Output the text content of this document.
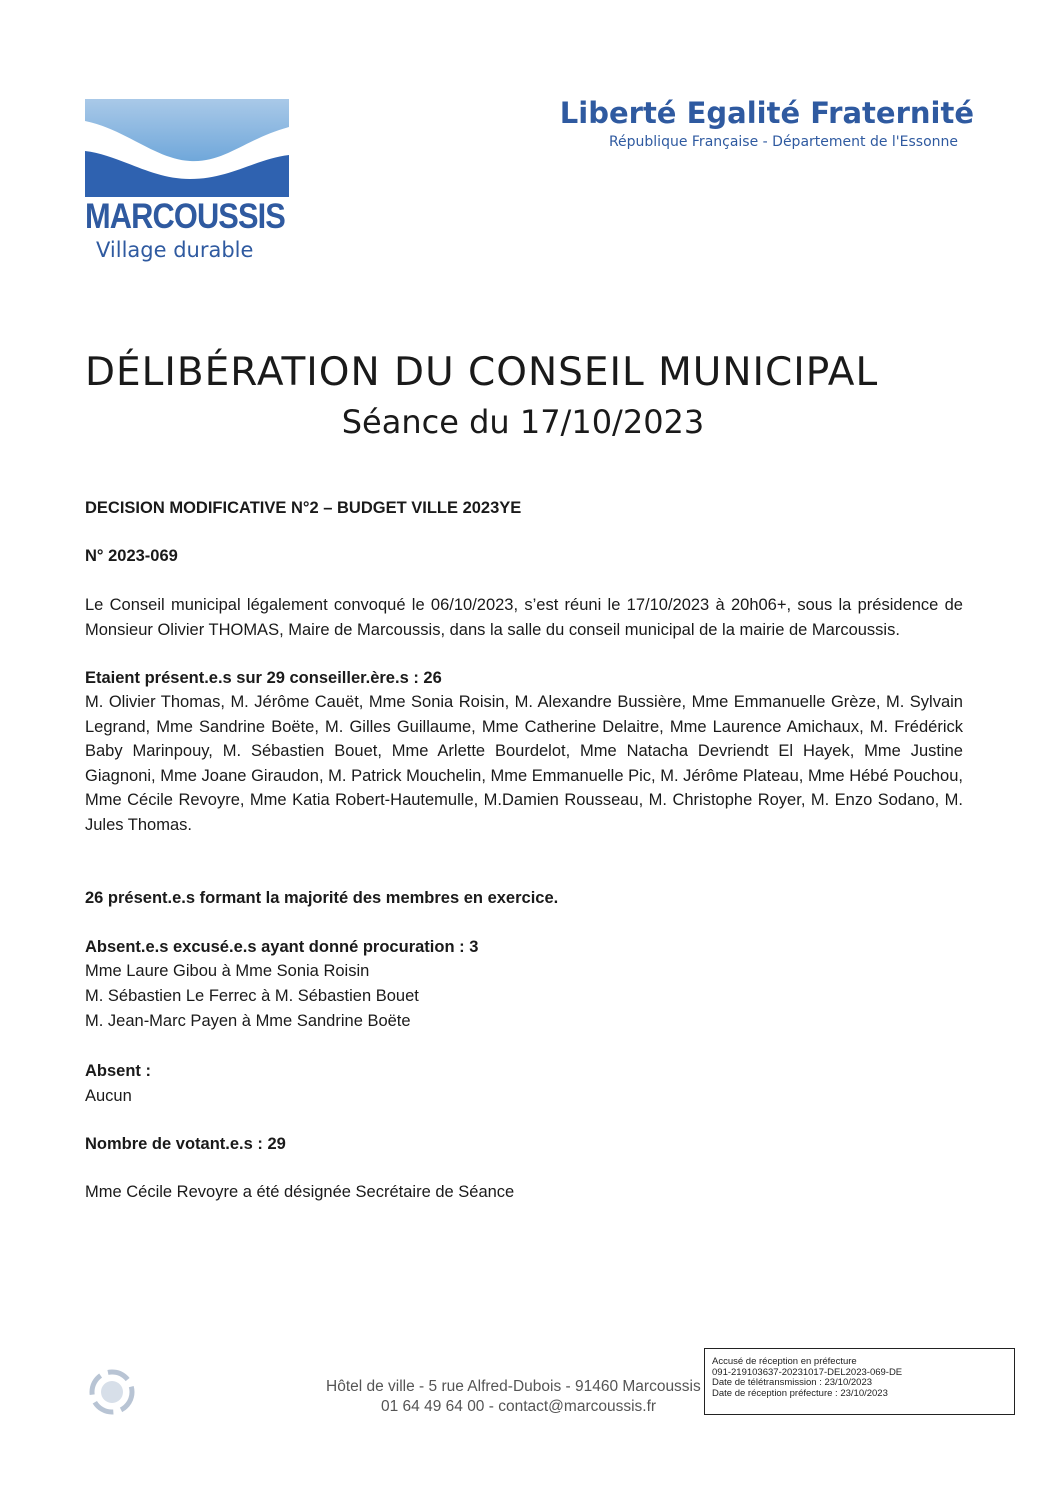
MARCOUSSIS
Village durable
Liberté Egalité Fraternité
République Française - Département de l'Essonne
DÉLIBÉRATION DU CONSEIL MUNICIPAL
Séance du 17/10/2023
DECISION MODIFICATIVE N°2 – BUDGET VILLE 2023YE
N° 2023-069
Le Conseil municipal légalement convoqué le 06/10/2023, s’est réuni le 17/10/2023 à 20h06+, sous la présidence de Monsieur Olivier THOMAS, Maire de Marcoussis, dans la salle du conseil municipal de la mairie de Marcoussis.
Etaient présent.e.s sur 29 conseiller.ère.s : 26
M. Olivier Thomas, M. Jérôme Cauët, Mme Sonia Roisin, M. Alexandre Bussière, Mme Emmanuelle Grèze, M. Sylvain Legrand, Mme Sandrine Boëte, M. Gilles Guillaume, Mme Catherine Delaitre, Mme Laurence Amichaux, M. Frédérick Baby Marinpouy, M. Sébastien Bouet, Mme Arlette Bourdelot, Mme Natacha Devriendt El Hayek, Mme Justine Giagnoni, Mme Joane Giraudon, M. Patrick Mouchelin, Mme Emmanuelle Pic, M. Jérôme Plateau, Mme Hébé Pouchou, Mme Cécile Revoyre, Mme Katia Robert-Hautemulle, M.Damien Rousseau, M. Christophe Royer, M. Enzo Sodano, M. Jules Thomas.
26 présent.e.s formant la majorité des membres en exercice.
Absent.e.s excusé.e.s ayant donné procuration : 3
Mme Laure Gibou à Mme Sonia Roisin
M. Sébastien Le Ferrec à M. Sébastien Bouet
M. Jean-Marc Payen à Mme Sandrine Boëte
Absent :
Aucun
Nombre de votant.e.s : 29
Mme Cécile Revoyre a été désignée Secrétaire de Séance
Hôtel de ville - 5 rue Alfred-Dubois - 91460 Marcoussis
01 64 49 64 00 - contact@marcoussis.fr
Accusé de réception en préfecture
091-219103637-20231017-DEL2023-069-DE
Date de télétransmission : 23/10/2023
Date de réception préfecture : 23/10/2023
